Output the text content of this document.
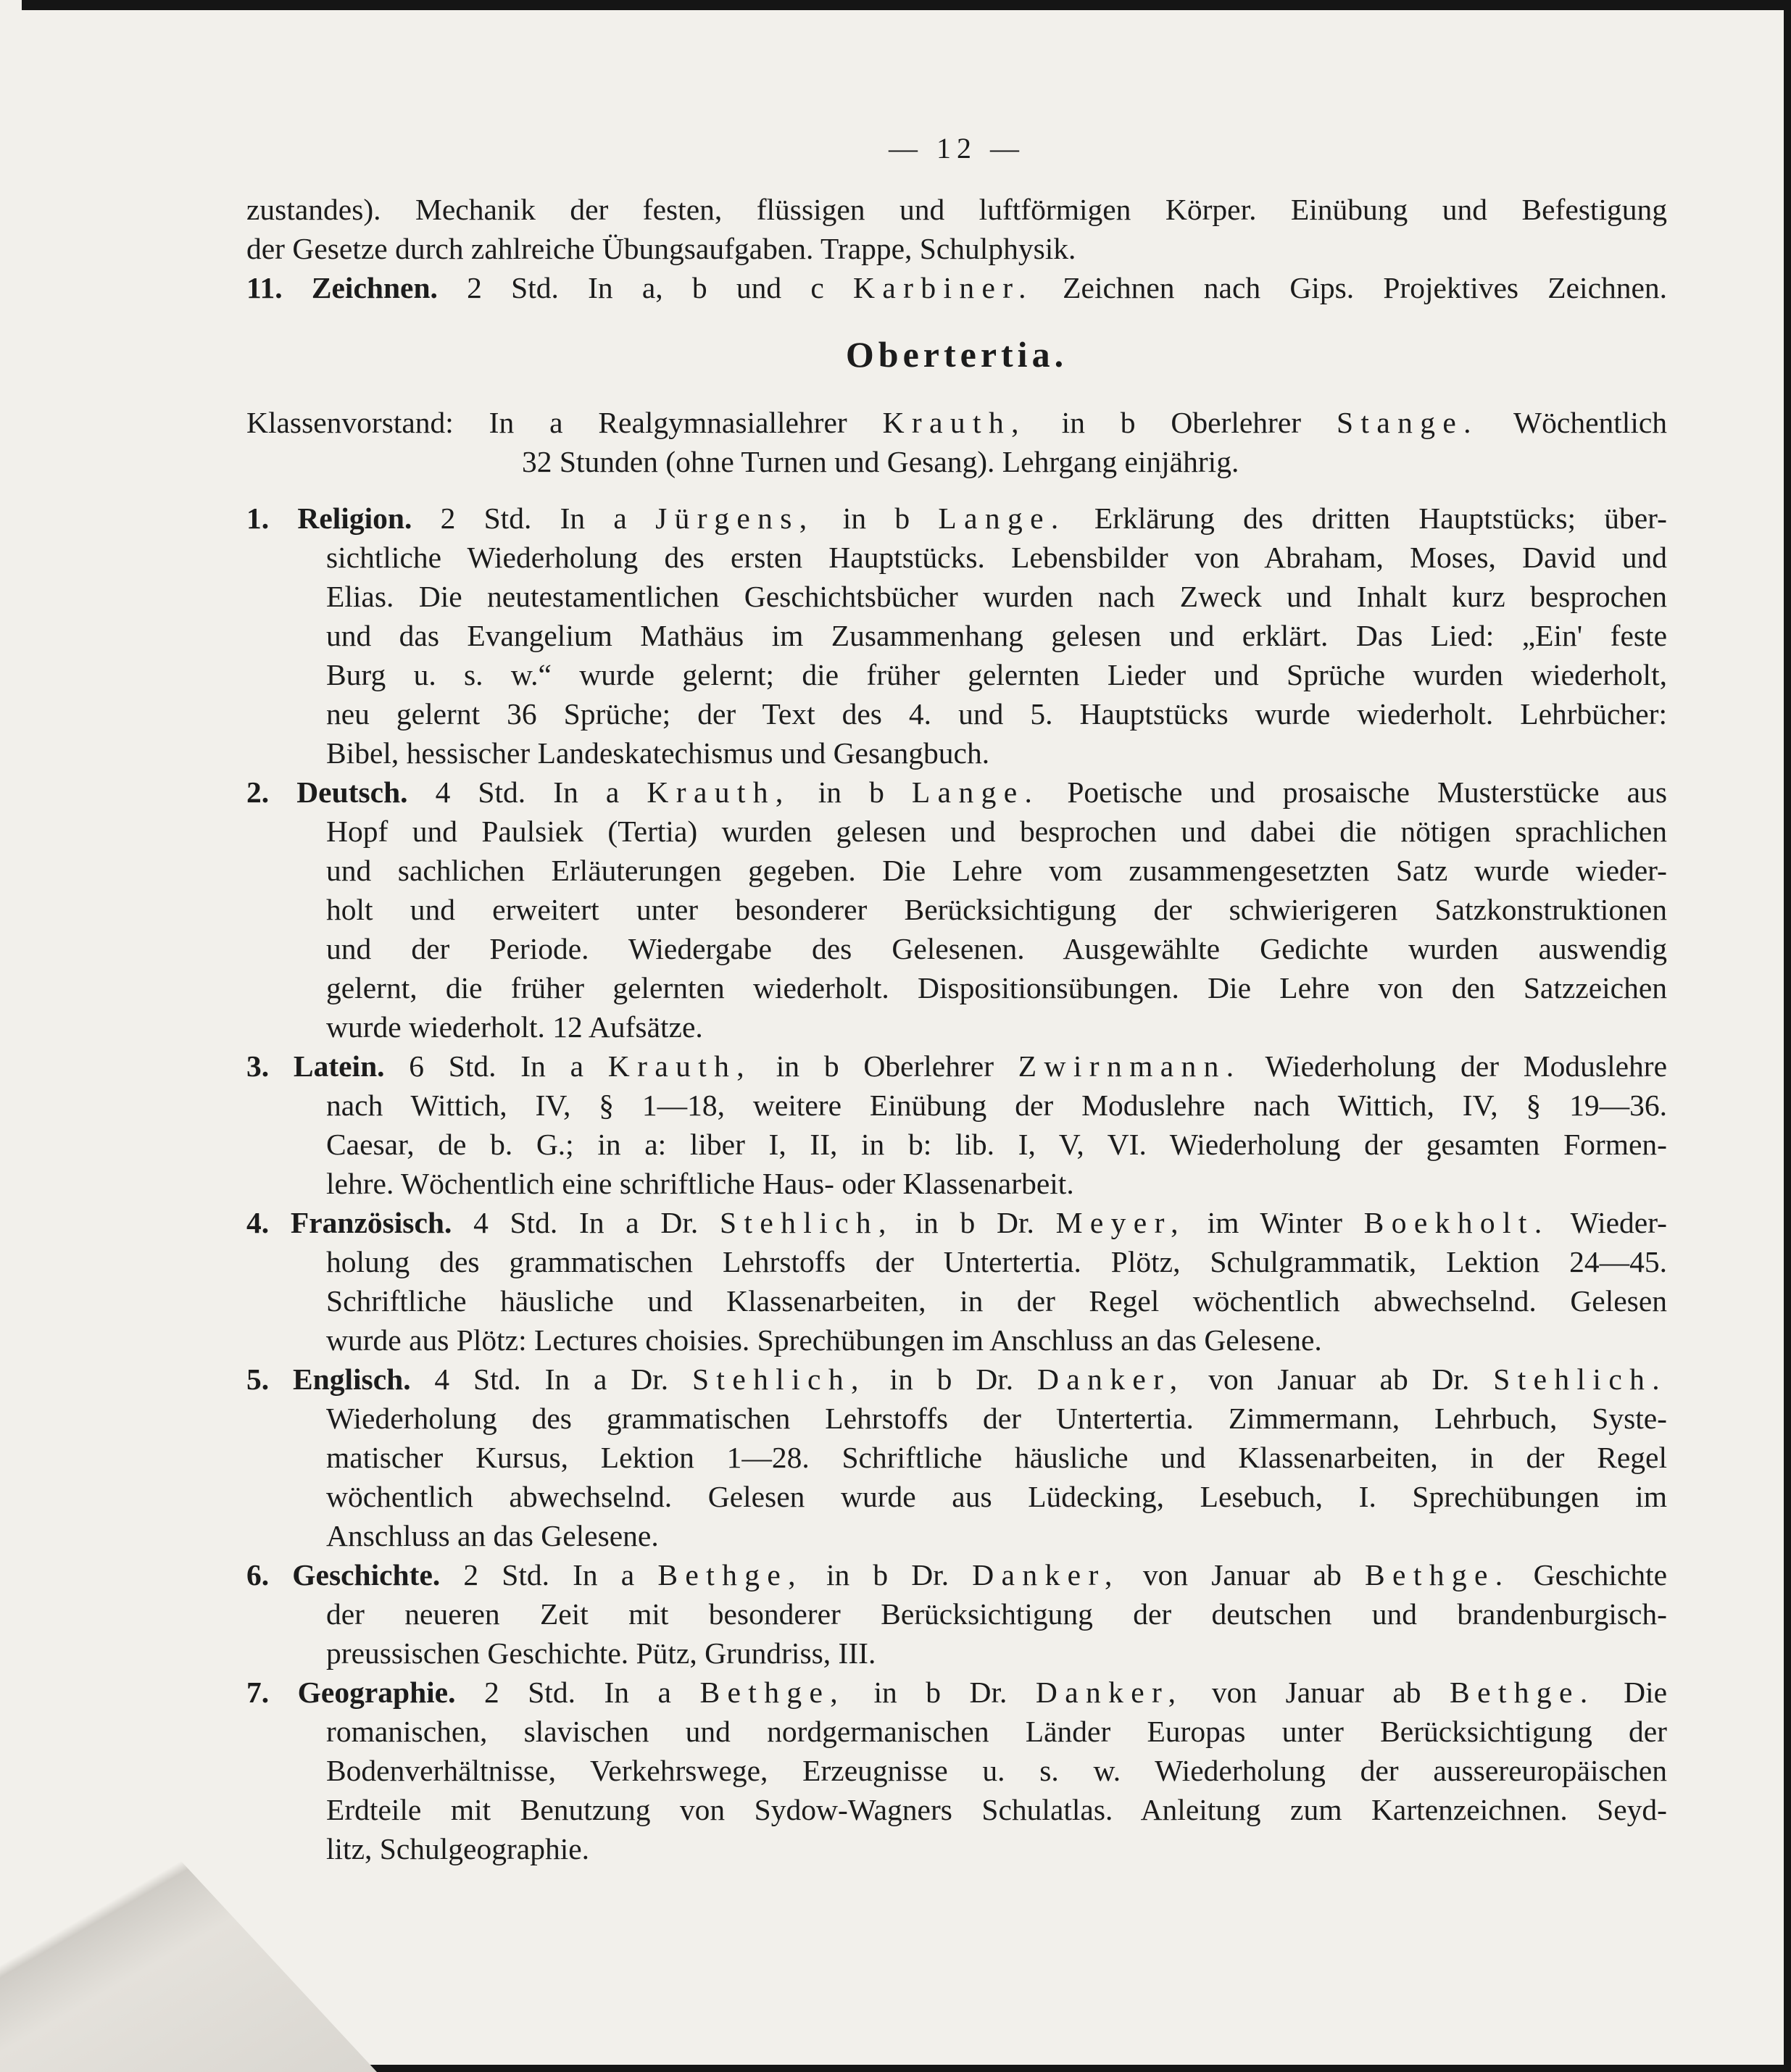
— 12 —

zustandes). Mechanik der festen, flüssigen und luftförmigen Körper. Einübung und Befestigung

der Gesetze durch zahlreiche Übungsaufgaben. Trappe, Schulphysik.

11. Zeichnen. 2 Std. In a, b und c Karbiner. Zeichnen nach Gips. Projektives Zeichnen.

Obertertia.

Klassenvorstand: In a Realgymnasiallehrer Krauth, in b Oberlehrer Stange. Wöchentlich

32 Stunden (ohne Turnen und Gesang). Lehrgang einjährig.

1. Religion. 2 Std. In a Jürgens, in b Lange. Erklärung des dritten Hauptstücks; über-

sichtliche Wiederholung des ersten Hauptstücks. Lebensbilder von Abraham, Moses, David und

Elias. Die neutestamentlichen Geschichtsbücher wurden nach Zweck und Inhalt kurz besprochen

und das Evangelium Mathäus im Zusammenhang gelesen und erklärt. Das Lied: „Ein' feste

Burg u. s. w.“ wurde gelernt; die früher gelernten Lieder und Sprüche wurden wiederholt,

neu gelernt 36 Sprüche; der Text des 4. und 5. Hauptstücks wurde wiederholt. Lehrbücher:

Bibel, hessischer Landeskatechismus und Gesangbuch.

2. Deutsch. 4 Std. In a Krauth, in b Lange. Poetische und prosaische Musterstücke aus

Hopf und Paulsiek (Tertia) wurden gelesen und besprochen und dabei die nötigen sprachlichen

und sachlichen Erläuterungen gegeben. Die Lehre vom zusammengesetzten Satz wurde wieder-

holt und erweitert unter besonderer Berücksichtigung der schwierigeren Satzkonstruktionen

und der Periode. Wiedergabe des Gelesenen. Ausgewählte Gedichte wurden auswendig

gelernt, die früher gelernten wiederholt. Dispositionsübungen. Die Lehre von den Satzzeichen

wurde wiederholt. 12 Aufsätze.

3. Latein. 6 Std. In a Krauth, in b Oberlehrer Zwirnmann. Wiederholung der Moduslehre

nach Wittich, IV, § 1—18, weitere Einübung der Moduslehre nach Wittich, IV, § 19—36.

Caesar, de b. G.; in a: liber I, II, in b: lib. I, V, VI. Wiederholung der gesamten Formen-

lehre. Wöchentlich eine schriftliche Haus- oder Klassenarbeit.

4. Französisch. 4 Std. In a Dr. Stehlich, in b Dr. Meyer, im Winter Boekholt. Wieder-

holung des grammatischen Lehrstoffs der Untertertia. Plötz, Schulgrammatik, Lektion 24—45.

Schriftliche häusliche und Klassenarbeiten, in der Regel wöchentlich abwechselnd. Gelesen

wurde aus Plötz: Lectures choisies. Sprechübungen im Anschluss an das Gelesene.

5. Englisch. 4 Std. In a Dr. Stehlich, in b Dr. Danker, von Januar ab Dr. Stehlich.

Wiederholung des grammatischen Lehrstoffs der Untertertia. Zimmermann, Lehrbuch, Syste-

matischer Kursus, Lektion 1—28. Schriftliche häusliche und Klassenarbeiten, in der Regel

wöchentlich abwechselnd. Gelesen wurde aus Lüdecking, Lesebuch, I. Sprechübungen im

Anschluss an das Gelesene.

6. Geschichte. 2 Std. In a Bethge, in b Dr. Danker, von Januar ab Bethge. Geschichte

der neueren Zeit mit besonderer Berücksichtigung der deutschen und brandenburgisch-

preussischen Geschichte. Pütz, Grundriss, III.

7. Geographie. 2 Std. In a Bethge, in b Dr. Danker, von Januar ab Bethge. Die

romanischen, slavischen und nordgermanischen Länder Europas unter Berücksichtigung der

Bodenverhältnisse, Verkehrswege, Erzeugnisse u. s. w. Wiederholung der aussereuropäischen

Erdteile mit Benutzung von Sydow-Wagners Schulatlas. Anleitung zum Kartenzeichnen. Seyd-

litz, Schulgeographie.
